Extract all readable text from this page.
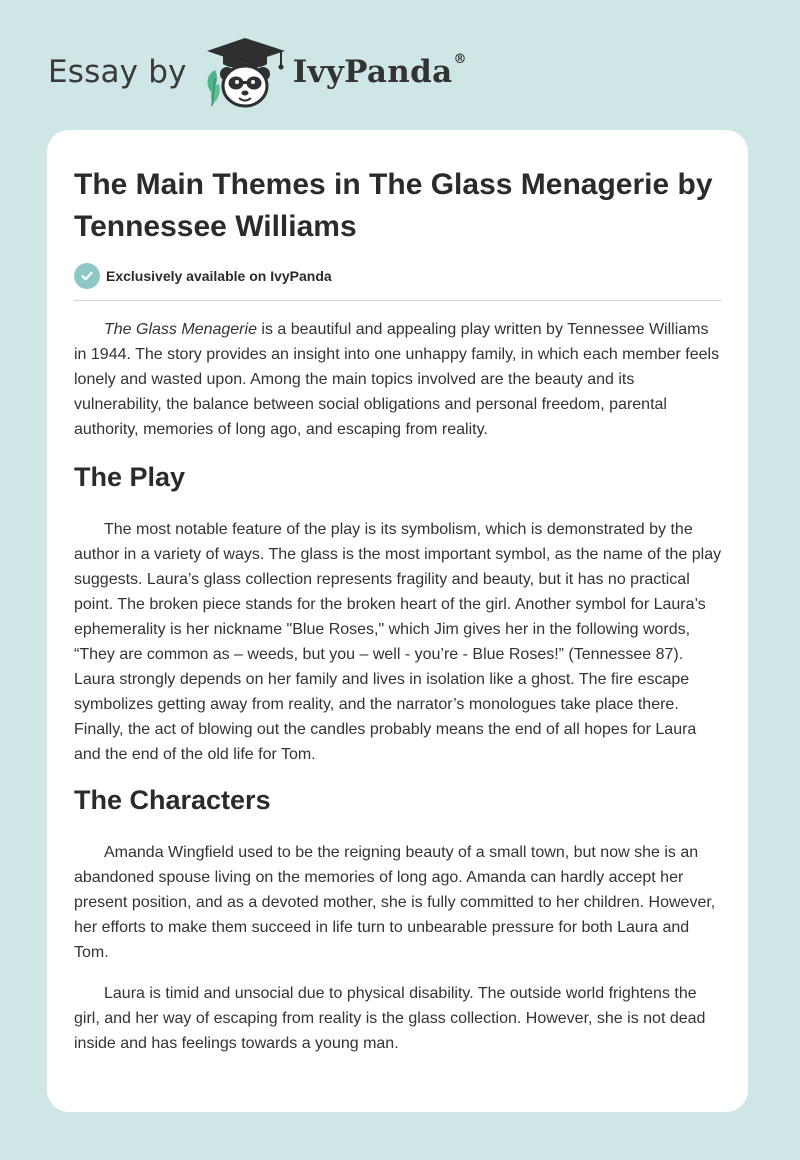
Essay by	IvyPanda®
The Main Themes in The Glass Menagerie by Tennessee Williams
Exclusively available on IvyPanda

The Glass Menagerie is a beautiful and appealing play written by Tennessee Williams in 1944. The story provides an insight into one unhappy family, in which each member feels lonely and wasted upon. Among the main topics involved are the beauty and its vulnerability, the balance between social obligations and personal freedom, parental authority, memories of long ago, and escaping from reality.

The Play

The most notable feature of the play is its symbolism, which is demonstrated by the author in a variety of ways. The glass is the most important symbol, as the name of the play suggests. Laura’s glass collection represents fragility and beauty, but it has no practical point. The broken piece stands for the broken heart of the girl. Another symbol for Laura’s ephemerality is her nickname "Blue Roses," which Jim gives her in the following words, “They are common as – weeds, but you – well - you’re - Blue Roses!” (Tennessee 87). Laura strongly depends on her family and lives in isolation like a ghost. The fire escape symbolizes getting away from reality, and the narrator’s monologues take place there. Finally, the act of blowing out the candles probably means the end of all hopes for Laura and the end of the old life for Tom.

The Characters

Amanda Wingfield used to be the reigning beauty of a small town, but now she is an abandoned spouse living on the memories of long ago. Amanda can hardly accept her present position, and as a devoted mother, she is fully committed to her children. However, her efforts to make them succeed in life turn to unbearable pressure for both Laura and Tom.

Laura is timid and unsocial due to physical disability. The outside world frightens the girl, and her way of escaping from reality is the glass collection. However, she is not dead inside and has feelings towards a young man.
